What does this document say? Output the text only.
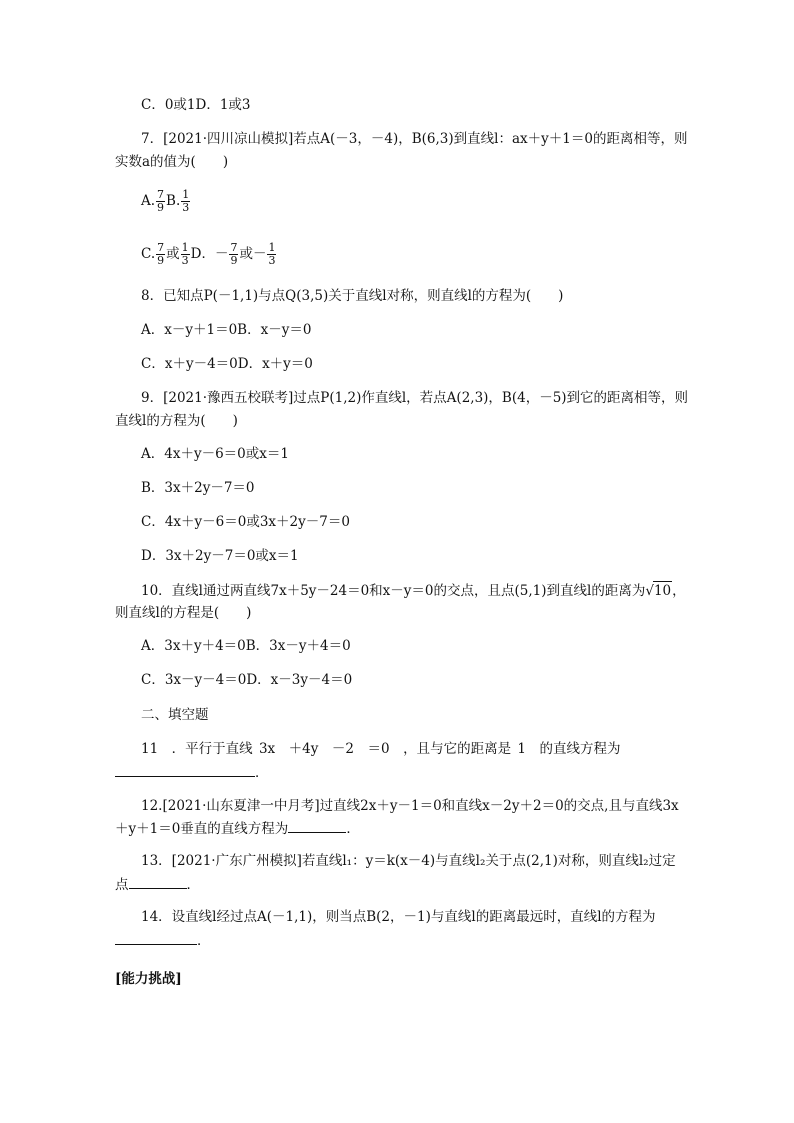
C．0或1D．1或3
7．[2021·四川凉山模拟]若点A(－3，－4)，B(6,3)到直线l：ax＋y＋1＝0的距离相等，则
实数a的值为(　　)
A. $\frac{7}{9} B$. $\frac{1}{3}$
C. $\frac{7}{9}$ 或 $\frac{1}{3}$ D．－ $\frac{7}{9}$ 或－ $\frac{1}{3}$
8．已知点P(－1,1)与点Q(3,5)关于直线l对称，则直线l的方程为(　　)
A．x－y＋1＝0B．x－y＝0
C．x＋y－4＝0D．x＋y＝0
9．[2021·豫西五校联考]过点P(1,2)作直线l，若点A(2,3)，B(4，－5)到它的距离相等，则
直线l的方程为(　　)
A．4x＋y－6＝0或x＝1
B．3x＋2y－7＝0
C．4x＋y－6＝0或3x＋2y－7＝0
D．3x＋2y－7＝0或x＝1
10．直线l通过两直线7x＋5y－24＝0和x－y＝0的交点，且点(5,1)到直线l的距离为√10，
则直线l的方程是(　　)
A．3x＋y＋4＝0B．3x－y＋4＝0
C．3x－y－4＝0D．x－3y－4＝0
二、填空题
11　．平行于直线 3x　＋4y　－2　＝0　，且与它的距离是 1　的直线方程为
．
12.[2021·山东夏津一中月考]过直线2x＋y－1＝0和直线x－2y＋2＝0的交点,且与直线3x
＋y＋1＝0垂直的直线方程为	．
13．[2021·广东广州模拟]若直线l₁：y＝k(x－4)与直线l₂关于点(2,1)对称，则直线l₂过定
点	．
14．设直线l经过点A(－1,1)，则当点B(2，－1)与直线l的距离最远时，直线l的方程为
．
[能力挑战]
